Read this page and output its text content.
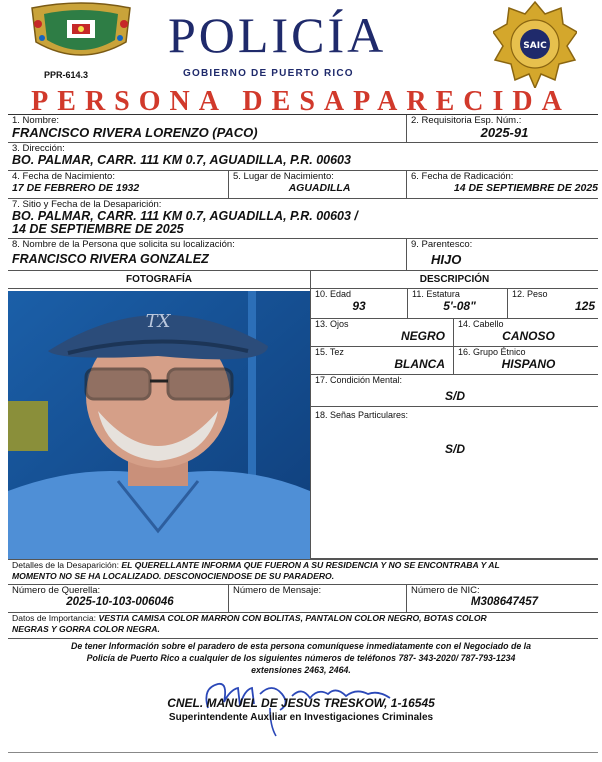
PPR-614.3
POLICÍA
GOBIERNO DE PUERTO RICO
SAIC
PERSONA DESAPARECIDA
1. Nombre:
FRANCISCO RIVERA LORENZO (PACO)
2. Requisitoria Esp. Núm.:
2025-91
3. Dirección:
BO. PALMAR, CARR. 111 KM 0.7, AGUADILLA, P.R. 00603
4. Fecha de Nacimiento:
17 DE FEBRERO DE 1932
5. Lugar de Nacimiento:
AGUADILLA
6. Fecha de Radicación:
14 DE SEPTIEMBRE DE 2025
7. Sitio y Fecha de la Desaparición:
BO. PALMAR, CARR. 111 KM 0.7, AGUADILLA, P.R. 00603 /
14 DE SEPTIEMBRE DE 2025
8. Nombre de la Persona que solicita su localización:
FRANCISCO RIVERA GONZALEZ
9. Parentesco:
HIJO
FOTOGRAFÍA	DESCRIPCIÓN
TX
10. Edad
93
11. Estatura
5'-08"
12. Peso
125
13. Ojos
NEGRO
14. Cabello
CANOSO
15. Tez
BLANCA
16. Grupo Étnico
HISPANO
17. Condición Mental:
S/D
18. Señas Particulares:
S/D
Detalles de la Desaparición: EL QUERELLANTE INFORMA QUE FUERON A SU RESIDENCIA Y NO SE ENCONTRABA Y AL
MOMENTO NO SE HA LOCALIZADO. DESCONOCIENDOSE DE SU PARADERO.
Número de Querella:
2025-10-103-006046
Número de Mensaje:	Número de NIC:
M308647457
Datos de Importancia: VESTIA CAMISA COLOR MARRON CON BOLITAS, PANTALON COLOR NEGRO, BOTAS COLOR
NEGRAS Y GORRA COLOR NEGRA.
De tener Información sobre el paradero de esta persona comuníquese inmediatamente con el Negociado de la
Policía de Puerto Rico a cualquier de los siguientes números de teléfonos 787- 343-2020/ 787-793-1234
extensiones 2463, 2464.
CNEL. MANUEL DE JESUS TRESKOW, 1-16545
Superintendente Auxiliar en Investigaciones Criminales
